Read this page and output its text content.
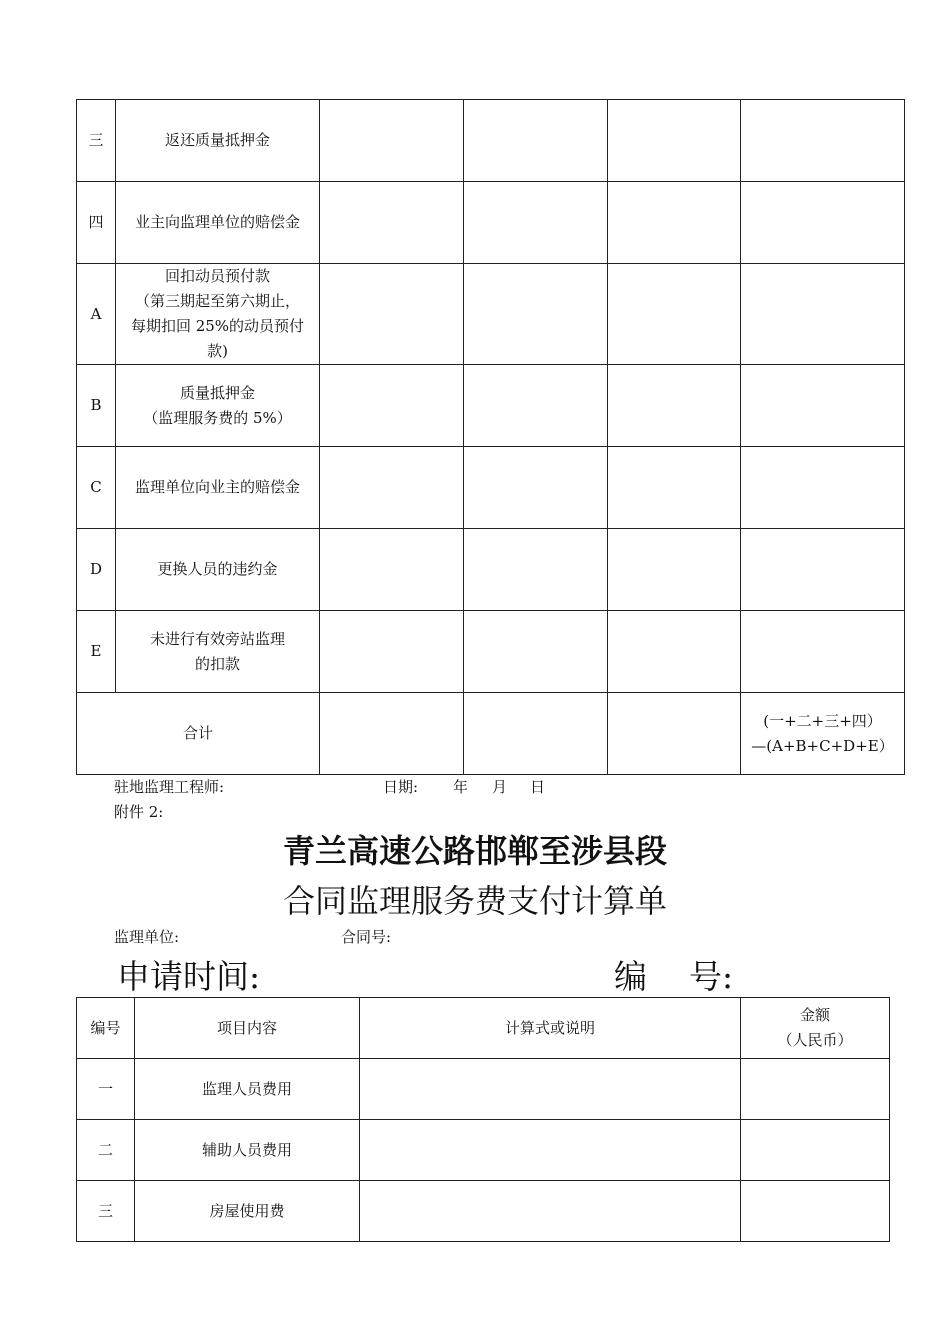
三	返还质量抵押金				
四	业主向监理单位的赔偿金				
A	回扣动员预付款
（第三期起至第六期止，
每期扣回 25%的动员预付
款)				
B	质量抵押金
（监理服务费的 5%）				
C	监理单位向业主的赔偿金				
D	更换人员的违约金				
E	未进行有效旁站监理
的扣款				
合计					(一+二+三+四）
—(A+B+C+D+E）
驻地监理工程师:	日期: 年 月 日
附件 2:
青兰高速公路邯郸至涉县段
合同监理服务费支付计算单
监理单位:	合同号:
申请时间:	编    号:
编号	项目内容	计算式或说明	金额
（人民币）
一	监理人员费用		
二	辅助人员费用		
三	房屋使用费		
